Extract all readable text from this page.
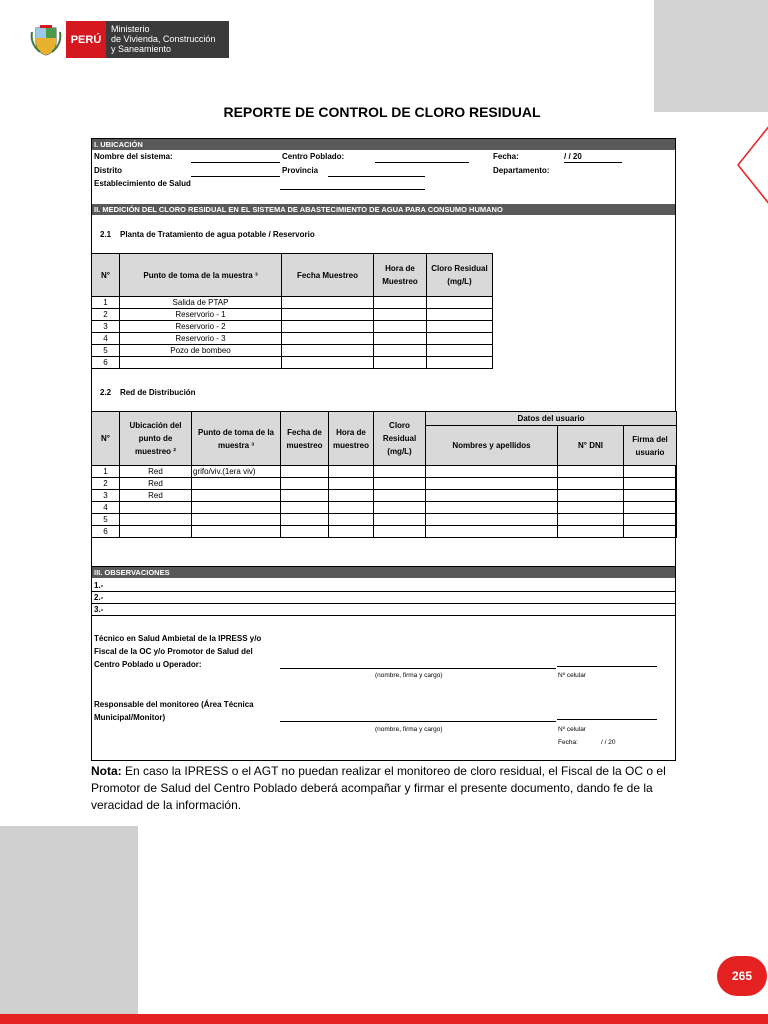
PERÚ
Ministerio
de Vivienda, Construcción
y Saneamiento
REPORTE DE CONTROL DE CLORO RESIDUAL
I. UBICACIÓN
Nombre del sistema:	Centro Poblado:	Fecha:	/ / 20
Distrito	Provincia	Departamento:
Establecimiento de Salud
II. MEDICIÓN DEL CLORO RESIDUAL EN EL SISTEMA DE ABASTECIMIENTO DE AGUA PARA CONSUMO HUMANO
2.1 Planta de Tratamiento de agua potable / Reservorio
N°	Punto de toma de la muestra ³	Fecha Muestreo	Hora de Muestreo	Cloro Residual (mg/L)
1	Salida de PTAP			
2	Reservorio - 1			
3	Reservorio - 2			
4	Reservorio - 3			
5	Pozo de bombeo			
6				
2.2 Red de Distribución
N°	Ubicación del punto de muestreo ²	Punto de toma de la muestra ³	Fecha de muestreo	Hora de muestreo	Cloro Residual (mg/L)	Datos del usuario		
						Nombres y apellidos	N° DNI	Firma del usuario
1	Red	grifo/viv.(1era viv)						
2	Red							
3	Red							
4								
5								
6								
III. OBSERVACIONES
1.-
2.-
3.-
Técnico en Salud Ambietal de la IPRESS y/o
Fiscal de la OC y/o Promotor de Salud del
Centro Poblado u Operador:
(nombre, firma y cargo)	Nº celular
Responsable del monitoreo (Área Técnica
Municipal/Monitor)
(nombre, firma y cargo)	Nº celular
Fecha:	/ / 20
Nota: En caso la IPRESS o el AGT no puedan realizar el monitoreo de cloro residual, el Fiscal de la OC o el Promotor de Salud del Centro Poblado deberá acompañar y firmar el presente documento, dando fe de la veracidad de la información.
265
